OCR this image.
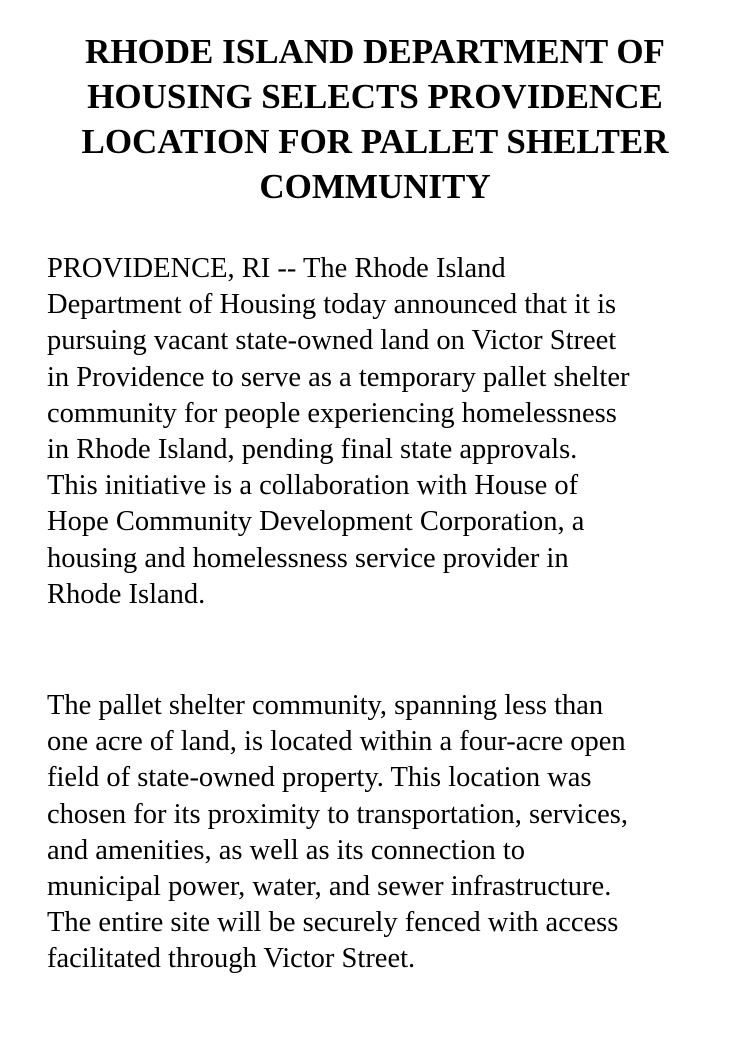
RHODE ISLAND DEPARTMENT OF
HOUSING SELECTS PROVIDENCE
LOCATION FOR PALLET SHELTER
COMMUNITY

PROVIDENCE, RI -- The Rhode Island
Department of Housing today announced that it is
pursuing vacant state-owned land on Victor Street
in Providence to serve as a temporary pallet shelter
community for people experiencing homelessness
in Rhode Island, pending final state approvals.
This initiative is a collaboration with House of
Hope Community Development Corporation, a
housing and homelessness service provider in
Rhode Island.

The pallet shelter community, spanning less than
one acre of land, is located within a four-acre open
field of state-owned property. This location was
chosen for its proximity to transportation, services,
and amenities, as well as its connection to
municipal power, water, and sewer infrastructure.
The entire site will be securely fenced with access
facilitated through Victor Street.
